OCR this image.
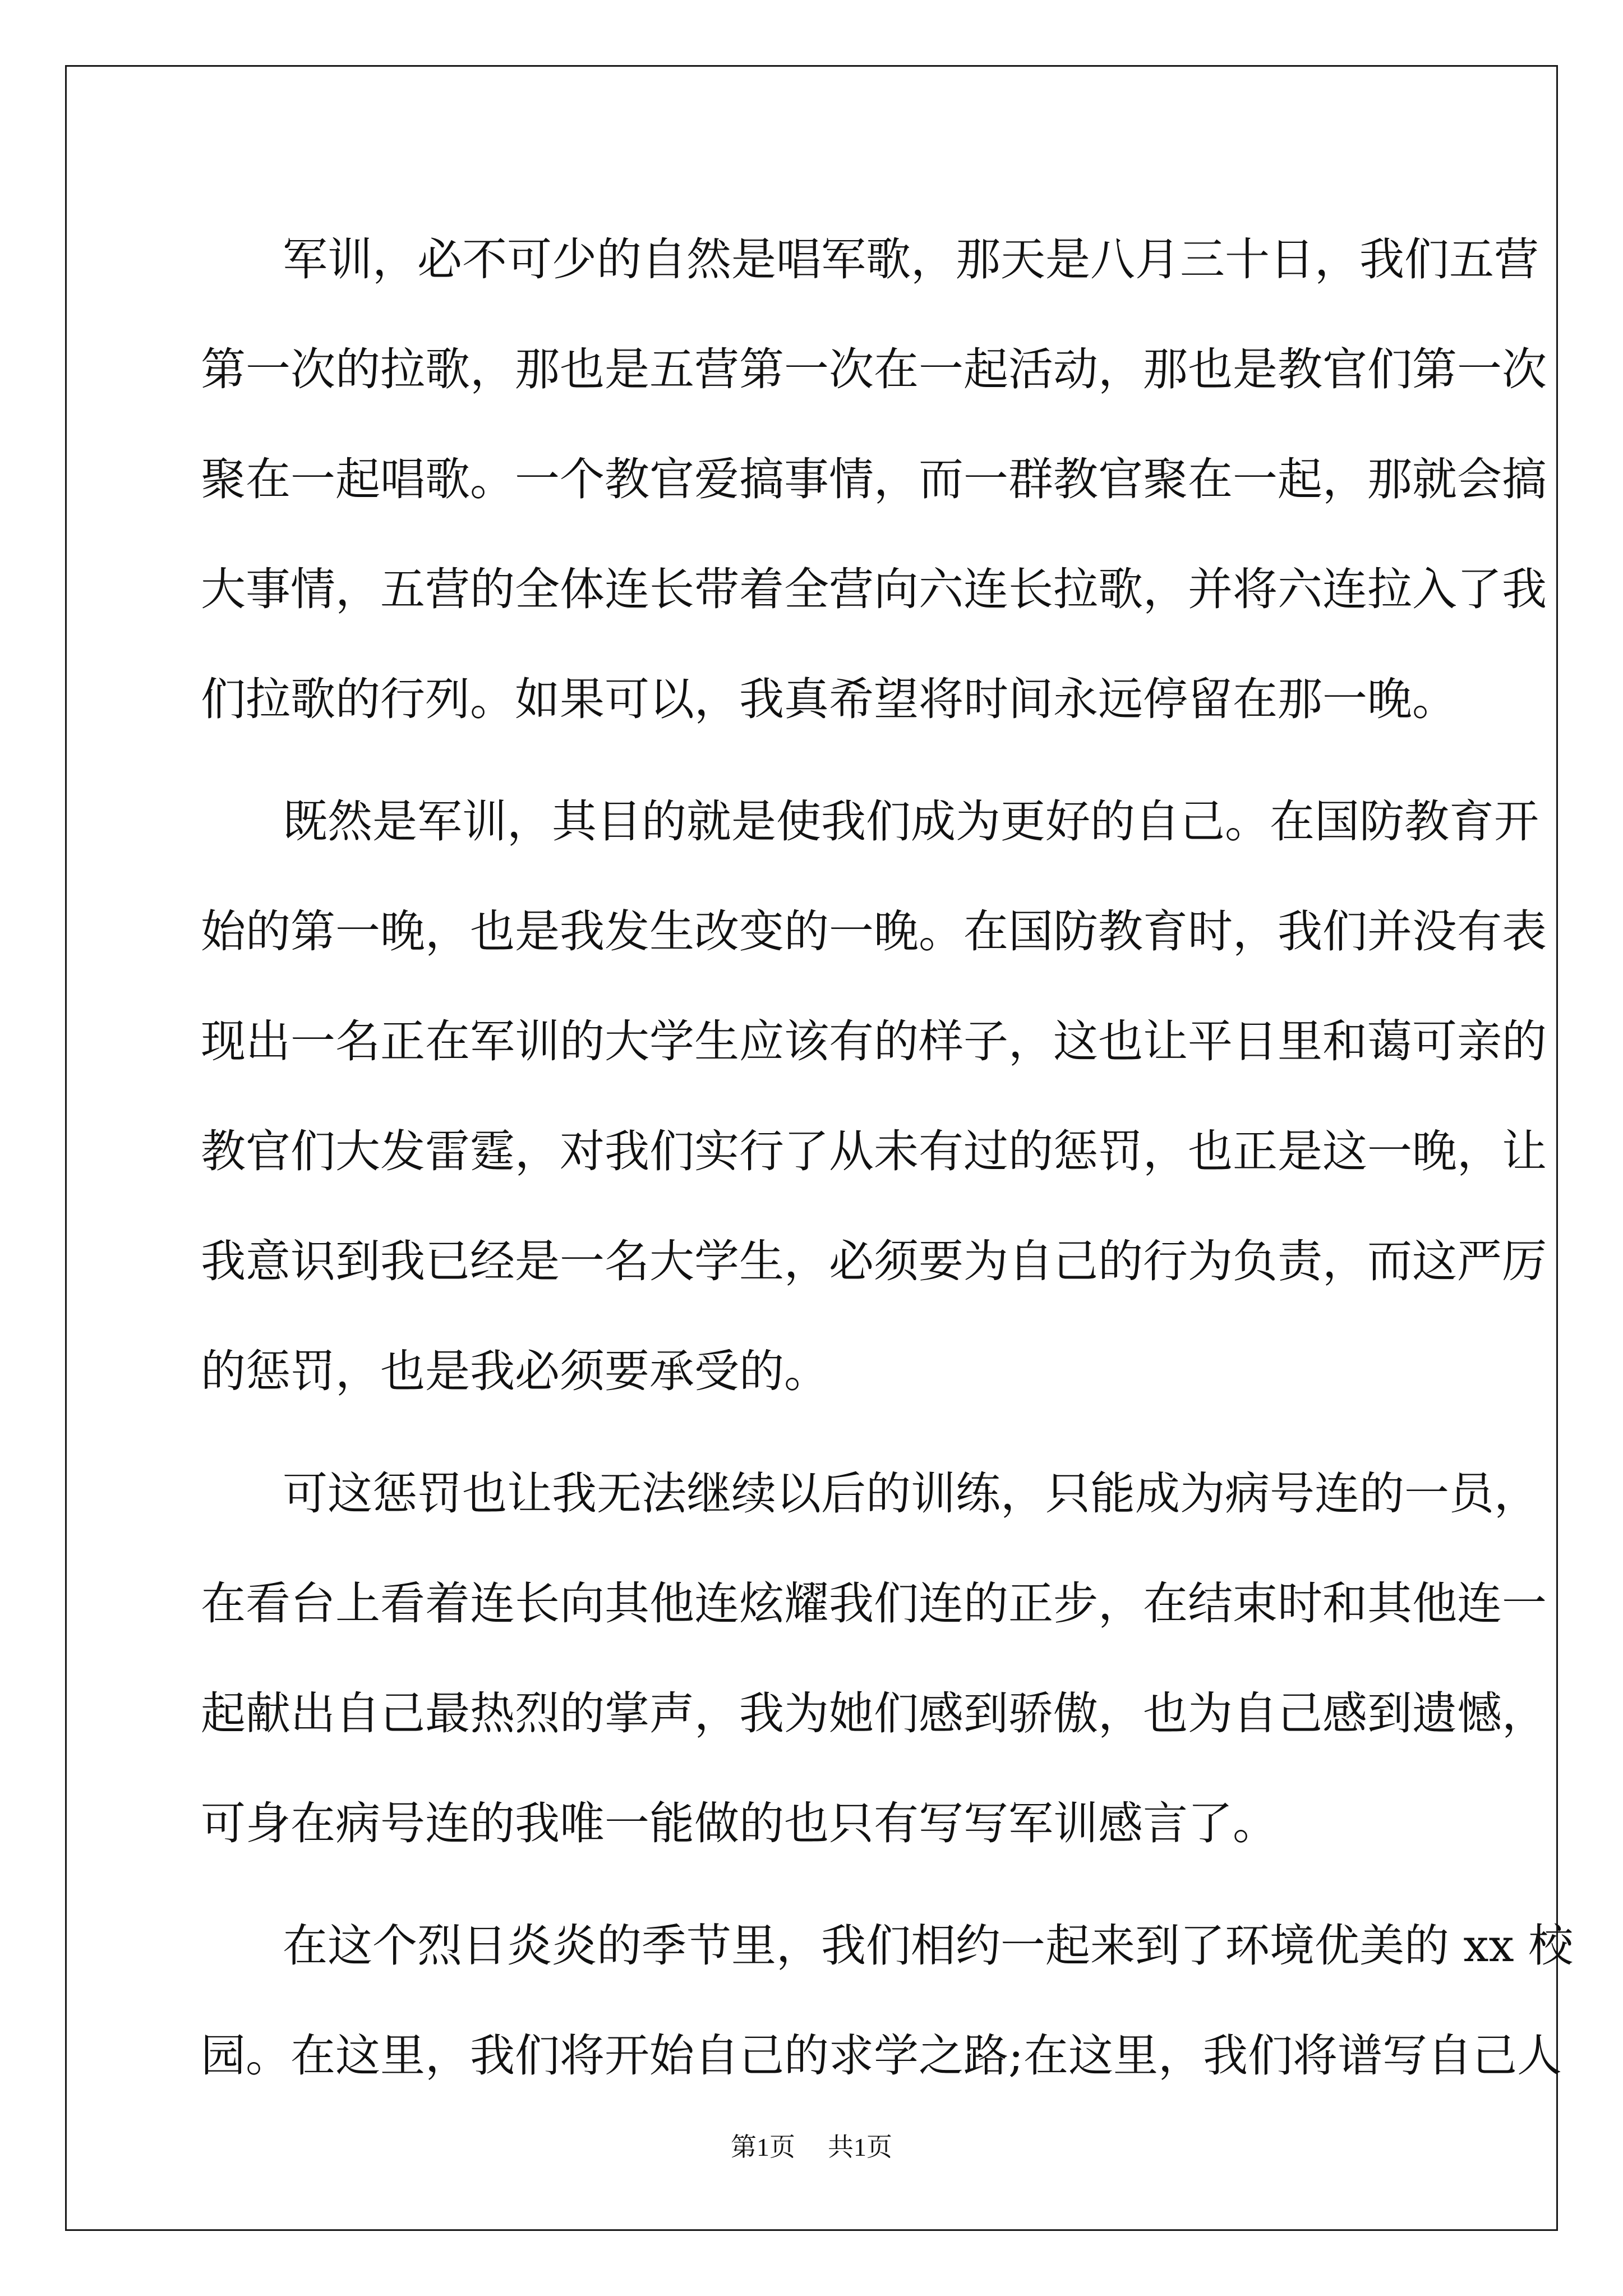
军训，必不可少的自然是唱军歌，那天是八月三十日，我们五营
第一次的拉歌，那也是五营第一次在一起活动，那也是教官们第一次
聚在一起唱歌。一个教官爱搞事情，而一群教官聚在一起，那就会搞
大事情，五营的全体连长带着全营向六连长拉歌，并将六连拉入了我
们拉歌的行列。如果可以，我真希望将时间永远停留在那一晚。
既然是军训，其目的就是使我们成为更好的自己。在国防教育开
始的第一晚，也是我发生改变的一晚。在国防教育时，我们并没有表
现出一名正在军训的大学生应该有的样子，这也让平日里和蔼可亲的
教官们大发雷霆，对我们实行了从未有过的惩罚，也正是这一晚，让
我意识到我已经是一名大学生，必须要为自己的行为负责，而这严厉
的惩罚，也是我必须要承受的。
可这惩罚也让我无法继续以后的训练，只能成为病号连的一员，
在看台上看着连长向其他连炫耀我们连的正步，在结束时和其他连一
起献出自己最热烈的掌声，我为她们感到骄傲，也为自己感到遗憾，
可身在病号连的我唯一能做的也只有写写军训感言了。
在这个烈日炎炎的季节里，我们相约一起来到了环境优美的 xx 校
园。在这里，我们将开始自己的求学之路;在这里，我们将谱写自己人
第1页 共1页
